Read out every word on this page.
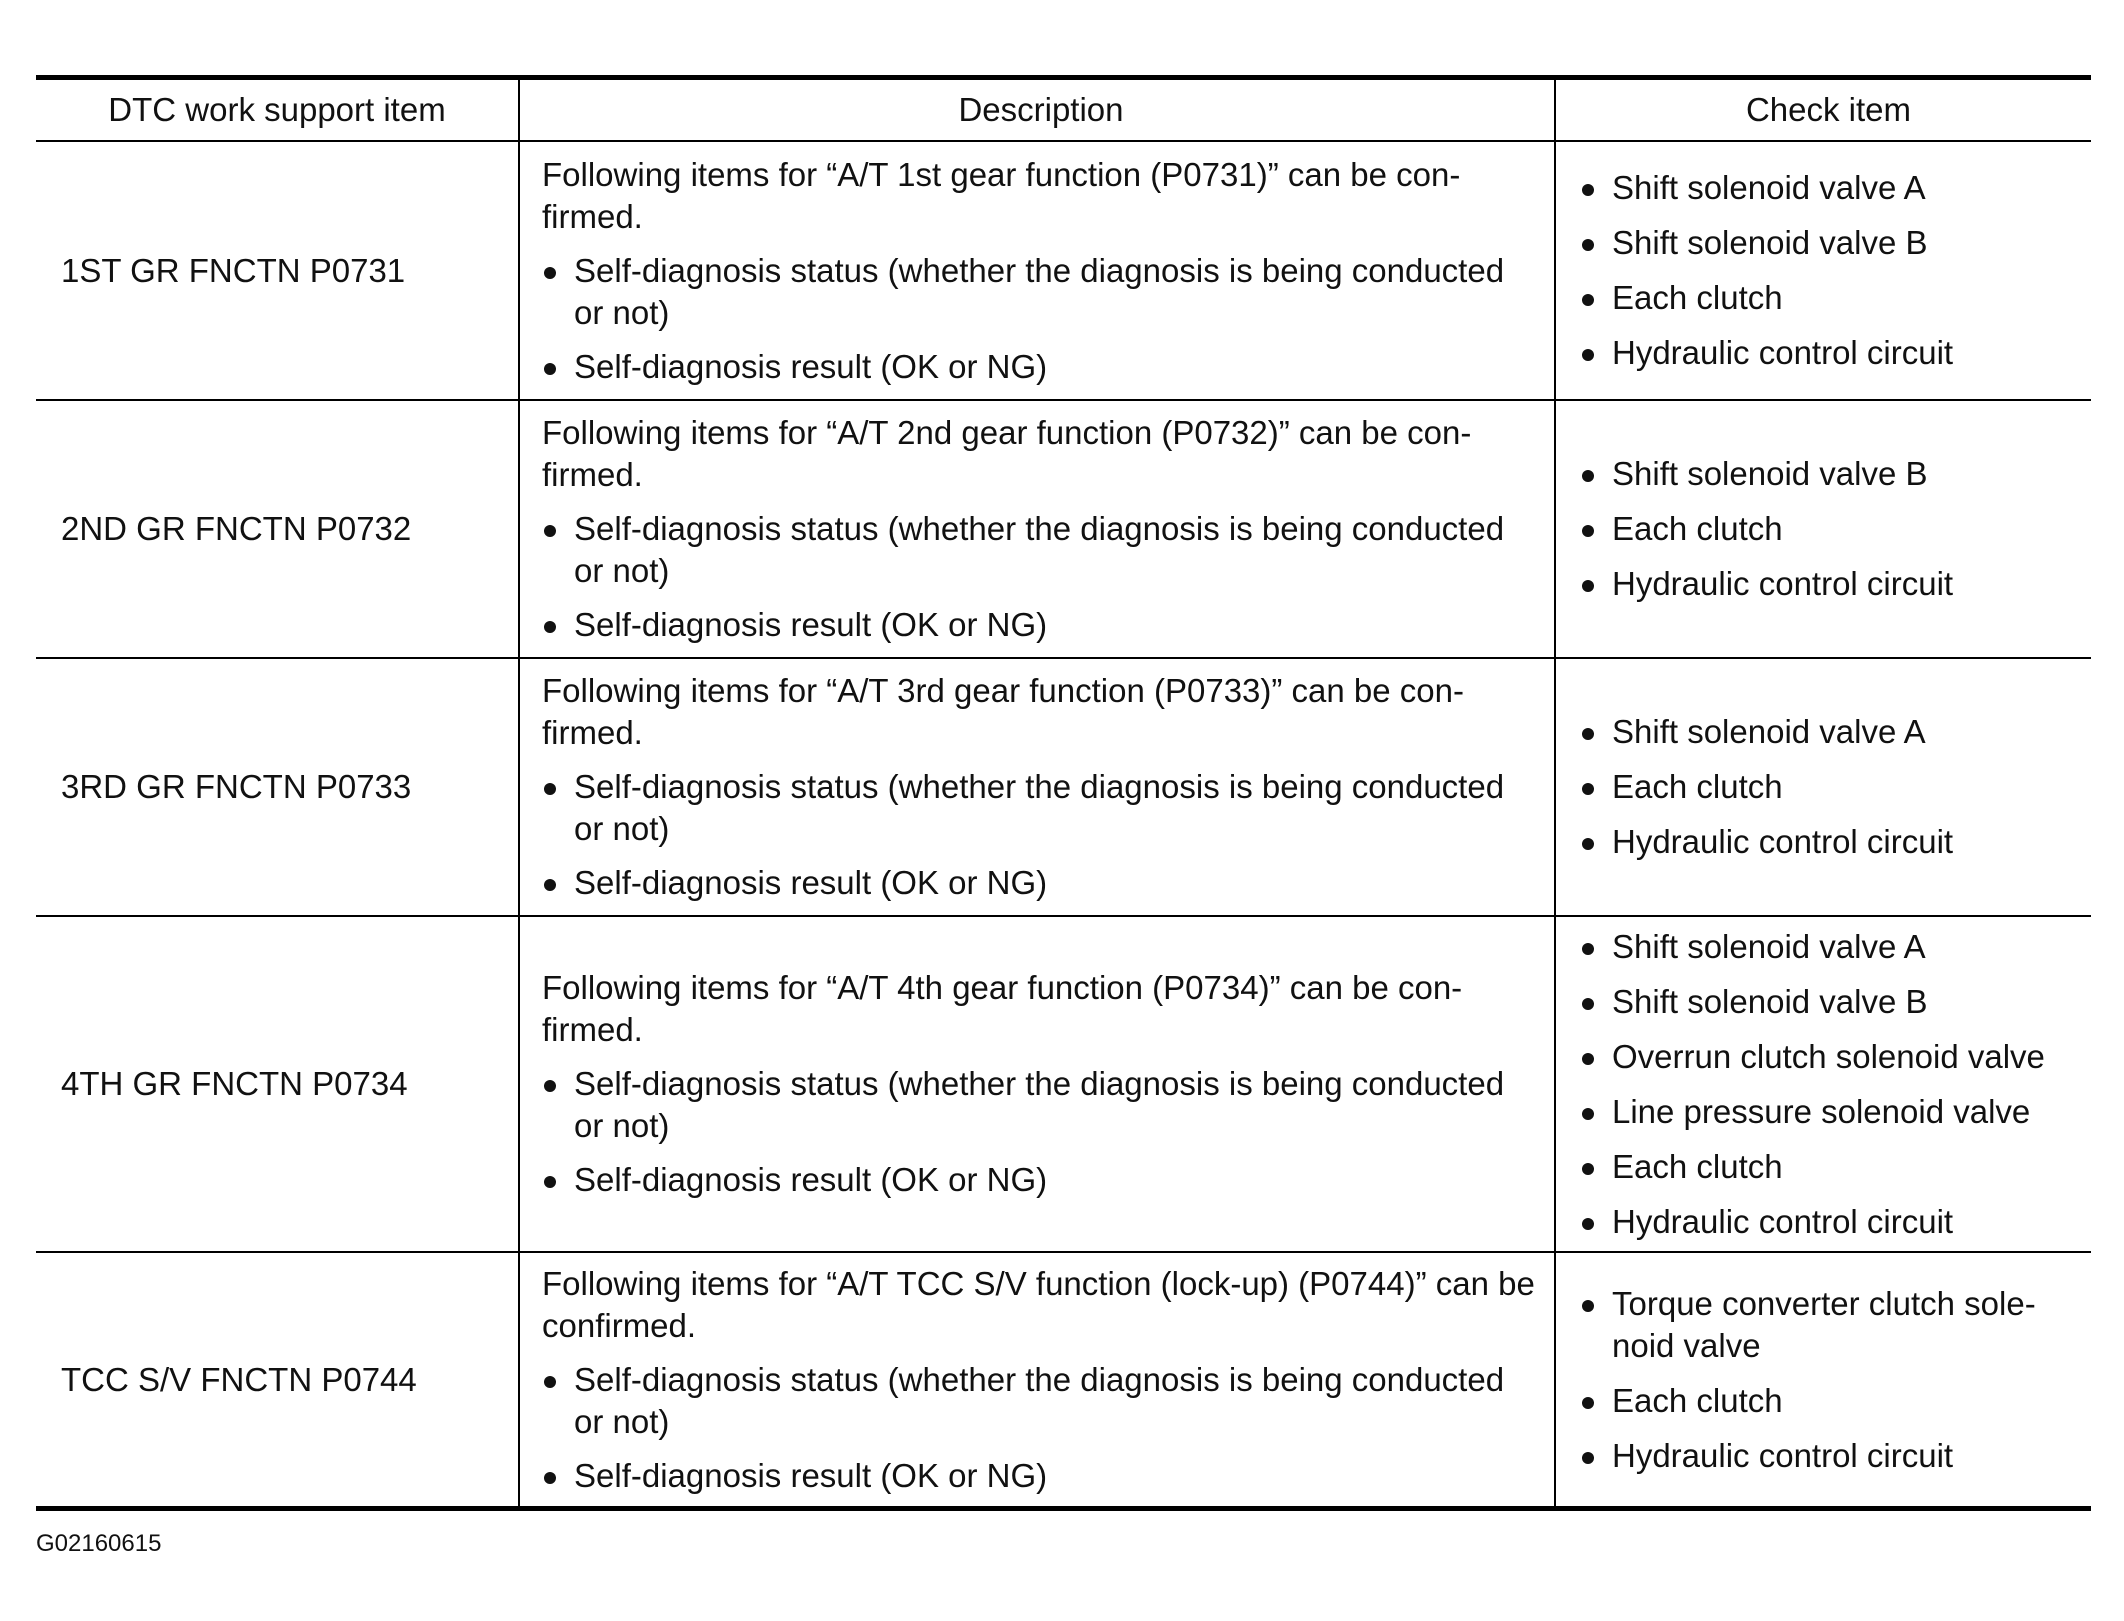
DTC work support item	Description	Check item
1ST GR FNCTN P0731
Following items for “A/T 1st gear function (P0731)” can be con-firmed.
Self-diagnosis status (whether the diagnosis is being conducted or not)
Self-diagnosis result (OK or NG)
Shift solenoid valve A
Shift solenoid valve B
Each clutch
Hydraulic control circuit
2ND GR FNCTN P0732
Following items for “A/T 2nd gear function (P0732)” can be con-firmed.
Self-diagnosis status (whether the diagnosis is being conducted or not)
Self-diagnosis result (OK or NG)
Shift solenoid valve B
Each clutch
Hydraulic control circuit
3RD GR FNCTN P0733
Following items for “A/T 3rd gear function (P0733)” can be con-firmed.
Self-diagnosis status (whether the diagnosis is being conducted or not)
Self-diagnosis result (OK or NG)
Shift solenoid valve A
Each clutch
Hydraulic control circuit
4TH GR FNCTN P0734
Following items for “A/T 4th gear function (P0734)” can be con-firmed.
Self-diagnosis status (whether the diagnosis is being conducted or not)
Self-diagnosis result (OK or NG)
Shift solenoid valve A
Shift solenoid valve B
Overrun clutch solenoid valve
Line pressure solenoid valve
Each clutch
Hydraulic control circuit
TCC S/V FNCTN P0744
Following items for “A/T TCC S/V function (lock-up) (P0744)” can be confirmed.
Self-diagnosis status (whether the diagnosis is being conducted or not)
Self-diagnosis result (OK or NG)
Torque converter clutch sole-noid valve
Each clutch
Hydraulic control circuit
G02160615
